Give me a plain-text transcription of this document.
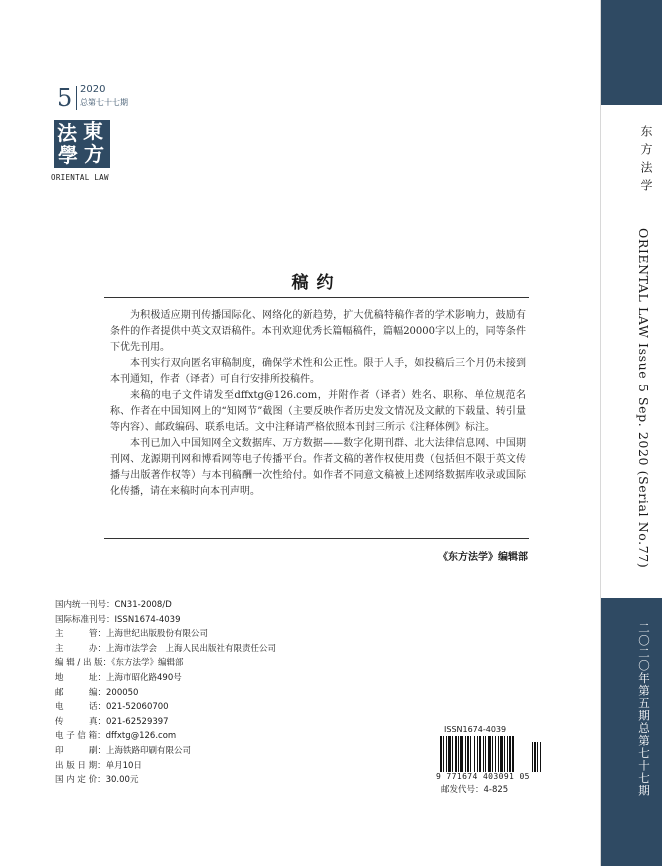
东方法学
ORIENTAL LAW Issue 5 Sep. 2020 (Serial No.77)
二〇二〇年第五期总第七十七期
5 2020
总第七十七期
法 東
學 方
ORIENTAL LAW
稿约

为积极适应期刊传播国际化、网络化的新趋势，扩大优稿特稿作者的学术影响力，鼓励有条件的作者提供中英文双语稿件。本刊欢迎优秀长篇幅稿件，篇幅20000字以上的，同等条件下优先刊用。

本刊实行双向匿名审稿制度，确保学术性和公正性。限于人手，如投稿后三个月仍未接到本刊通知，作者（译者）可自行安排所投稿件。

来稿的电子文件请发至dffxtg@126.com，并附作者（译者）姓名、职称、单位规范名称、作者在中国知网上的“知网节”截图（主要反映作者历史发文情况及文献的下载量、转引量等内容）、邮政编码、联系电话。文中注释请严格依照本刊封三所示《注释体例》标注。

本刊已加入中国知网全文数据库、万方数据——数字化期刊群、北大法律信息网、中国期刊网、龙源期刊网和博看网等电子传播平台。作者文稿的著作权使用费（包括但不限于英文传播与出版著作权等）与本刊稿酬一次性给付。如作者不同意文稿被上述网络数据库收录或国际化传播，请在来稿时向本刊声明。

《东方法学》编辑部
国内统一刊号：CN31-2008/D
国际标准刊号：ISSN1674-4039
主　　　管：上海世纪出版股份有限公司
主　　　办：上海市法学会　上海人民出版社有限责任公司
编 辑 / 出 版：《东方法学》编辑部
地　　　址：上海市昭化路490号
邮　　　编：200050
电　　　话：021-52060700
传　　　真：021-62529397
电 子 信 箱：dffxtg@126.com
印　　　刷：上海铁路印刷有限公司
出 版 日 期：单月10日
国 内 定 价：30.00元
ISSN1674-4039
9 771674 403091 05
邮发代号：4-825
